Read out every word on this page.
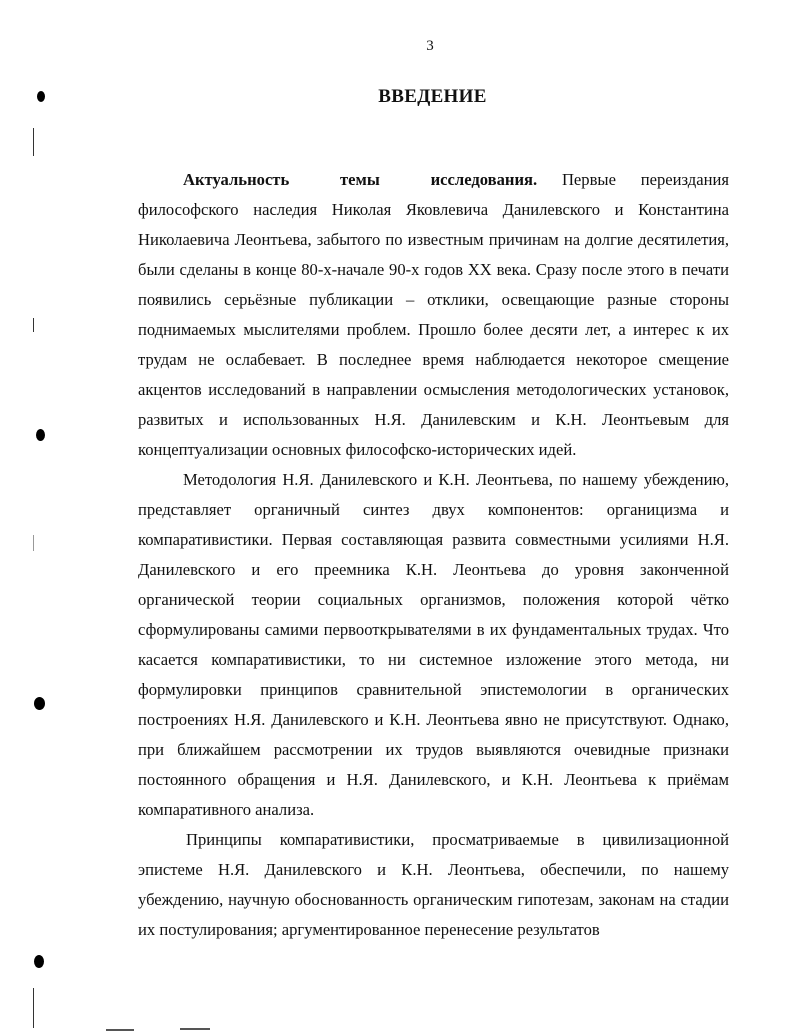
3
ВВЕДЕНИЕ

Актуальность темы исследования. Первые переиздания философского наследия Николая Яковлевича Данилевского и Константина Николаевича Леонтьева, забытого по известным причинам на долгие десятилетия, были сделаны в конце 80-х-начале 90-х годов XX века. Сразу после этого в печати появились серьёзные публикации – отклики, освещающие разные стороны поднимаемых мыслителями проблем. Прошло более десяти лет, а интерес к их трудам не ослабевает. В последнее время наблюдается некоторое смещение акцентов исследований в направлении осмысления методологических установок, развитых и использованных Н.Я. Данилевским и К.Н. Леонтьевым для концептуализации основных философско-исторических идей.

Методология Н.Я. Данилевского и К.Н. Леонтьева, по нашему убеждению, представляет органичный синтез двух компонентов: органицизма и компаративистики. Первая составляющая развита совместными усилиями Н.Я. Данилевского и его преемника К.Н. Леонтьева до уровня законченной органической теории социальных организмов, положения которой чётко сформулированы самими первооткрывателями в их фундаментальных трудах. Что касается компаративистики, то ни системное изложение этого метода, ни формулировки принципов сравнительной эпистемологии в органических построениях Н.Я. Данилевского и К.Н. Леонтьева явно не присутствуют. Однако, при ближайшем рассмотрении их трудов выявляются очевидные признаки постоянного обращения и Н.Я. Данилевского, и К.Н. Леонтьева к приёмам компаративного анализа.

Принципы компаративистики, просматриваемые в цивилизационной эпистеме Н.Я. Данилевского и К.Н. Леонтьева, обеспечили, по нашему убеждению, научную обоснованность органическим гипотезам, законам на стадии их постулирования; аргументированное перенесение результатов
